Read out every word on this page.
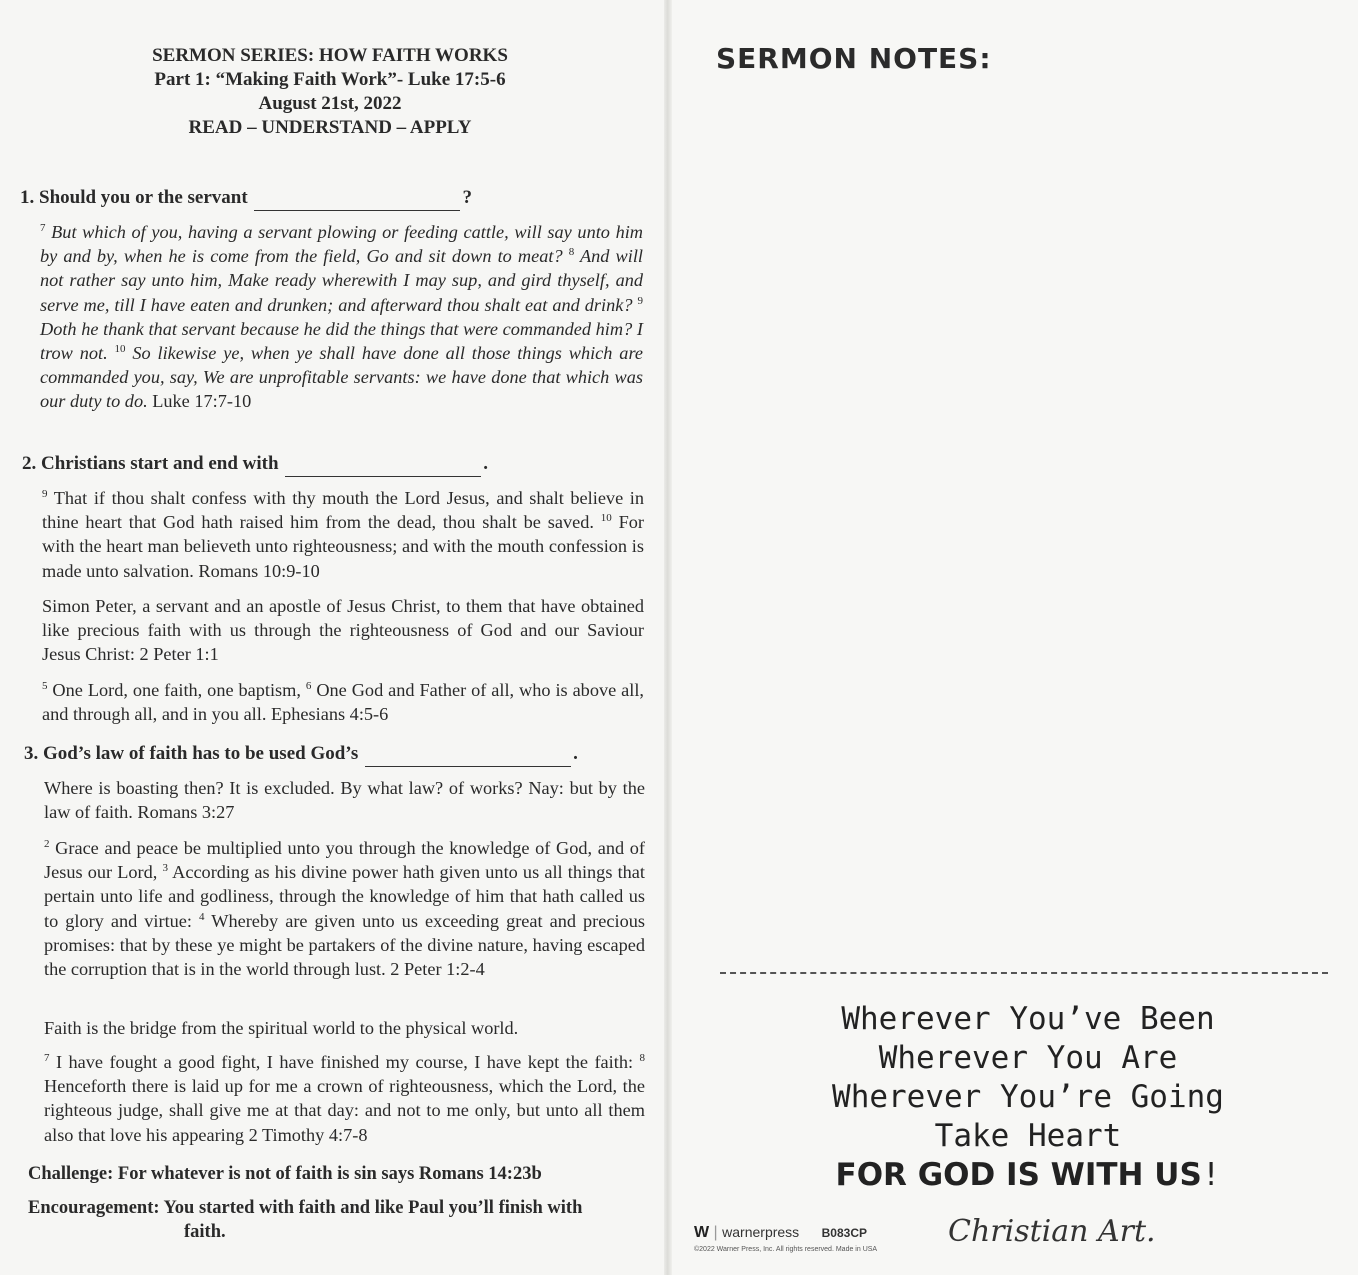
SERMON SERIES: HOW FAITH WORKS
Part 1: “Making Faith Work”- Luke 17:5-6
August 21st, 2022
READ – UNDERSTAND – APPLY
1. Should you or the servant	?
$^7$ But which of you, having a servant plowing or feeding cattle, will say unto him by and by, when he is come from the field, Go and sit down to meat? $^8$ And will not rather say unto him, Make ready wherewith I may sup, and gird thyself, and serve me, till I have eaten and drunken; and afterward thou shalt eat and drink? $^9$ Doth he thank that servant because he did the things that were commanded him? I trow not. $^{10}$ So likewise ye, when ye shall have done all those things which are commanded you, say, We are unprofitable servants: we have done that which was our duty to do. Luke 17:7-10
2. Christians start and end with	.
$^9$ That if thou shalt confess with thy mouth the Lord Jesus, and shalt believe in thine heart that God hath raised him from the dead, thou shalt be saved. $^{10}$ For with the heart man believeth unto righteousness; and with the mouth confession is made unto salvation. Romans 10:9-10
Simon Peter, a servant and an apostle of Jesus Christ, to them that have obtained like precious faith with us through the righteousness of God and our Saviour Jesus Christ: 2 Peter 1:1
$^5$ One Lord, one faith, one baptism, $^6$ One God and Father of all, who is above all, and through all, and in you all. Ephesians 4:5-6
3. God’s law of faith has to be used God’s	.
Where is boasting then? It is excluded. By what law? of works? Nay: but by the law of faith. Romans 3:27
$^2$ Grace and peace be multiplied unto you through the knowledge of God, and of Jesus our Lord, $^3$ According as his divine power hath given unto us all things that pertain unto life and godliness, through the knowledge of him that hath called us to glory and virtue: $^4$ Whereby are given unto us exceeding great and precious promises: that by these ye might be partakers of the divine nature, having escaped the corruption that is in the world through lust. 2 Peter 1:2-4
Faith is the bridge from the spiritual world to the physical world.
$^7$ I have fought a good fight, I have finished my course, I have kept the faith: $^8$ Henceforth there is laid up for me a crown of righteousness, which the Lord, the righteous judge, shall give me at that day: and not to me only, but unto all them also that love his appearing 2 Timothy 4:7-8
Challenge: For whatever is not of faith is sin says Romans 14:23b
Encouragement: You started with faith and like Paul you’ll finish with
faith.
SERMON NOTES:
Wherever You’ve Been
Wherever You Are
Wherever You’re Going
Take Heart
FOR GOD IS WITH US!
W | warnerpress B083CP
©2022 Warner Press, Inc. All rights reserved. Made in USA
Christian Art.
